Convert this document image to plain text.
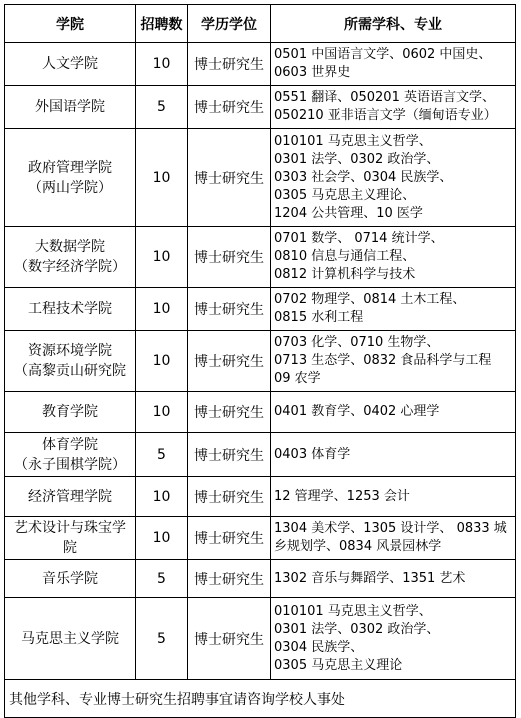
学院	招聘数	学历学位	所需学科、专业

人文学院	10	博士研究生	0501 中国语言文学、0602 中国史、
0603 世界史

外国语学院	5	博士研究生	0551 翻译、050201 英语语言文学、
050210 亚非语言文学（缅甸语专业）

政府管理学院
（两山学院）	10	博士研究生	010101 马克思主义哲学、
0301 法学、0302 政治学、
0303 社会学、0304 民族学、
0305 马克思主义理论、
1204 公共管理、10 医学

大数据学院
（数字经济学院）	10	博士研究生	0701 数学、 0714 统计学、
0810 信息与通信工程、
0812 计算机科学与技术

工程技术学院	10	博士研究生	0702 物理学、0814 土木工程、
0815 水利工程

资源环境学院
（高黎贡山研究院	10	博士研究生	0703 化学、0710 生物学、
0713 生态学、0832 食品科学与工程
09 农学

教育学院	10	博士研究生	0401 教育学、0402 心理学

体育学院
（永子围棋学院）	5	博士研究生	0403 体育学

经济管理学院	10	博士研究生	12 管理学、1253 会计

艺术设计与珠宝学
院	10	博士研究生	1304 美术学、1305 设计学、 0833 城
乡规划学、0834 风景园林学

音乐学院	5	博士研究生	1302 音乐与舞蹈学、1351 艺术

马克思主义学院	5	博士研究生	010101 马克思主义哲学、
0301 法学、0302 政治学、
0304 民族学、
0305 马克思主义理论

其他学科、专业博士研究生招聘事宜请咨询学校人事处			
